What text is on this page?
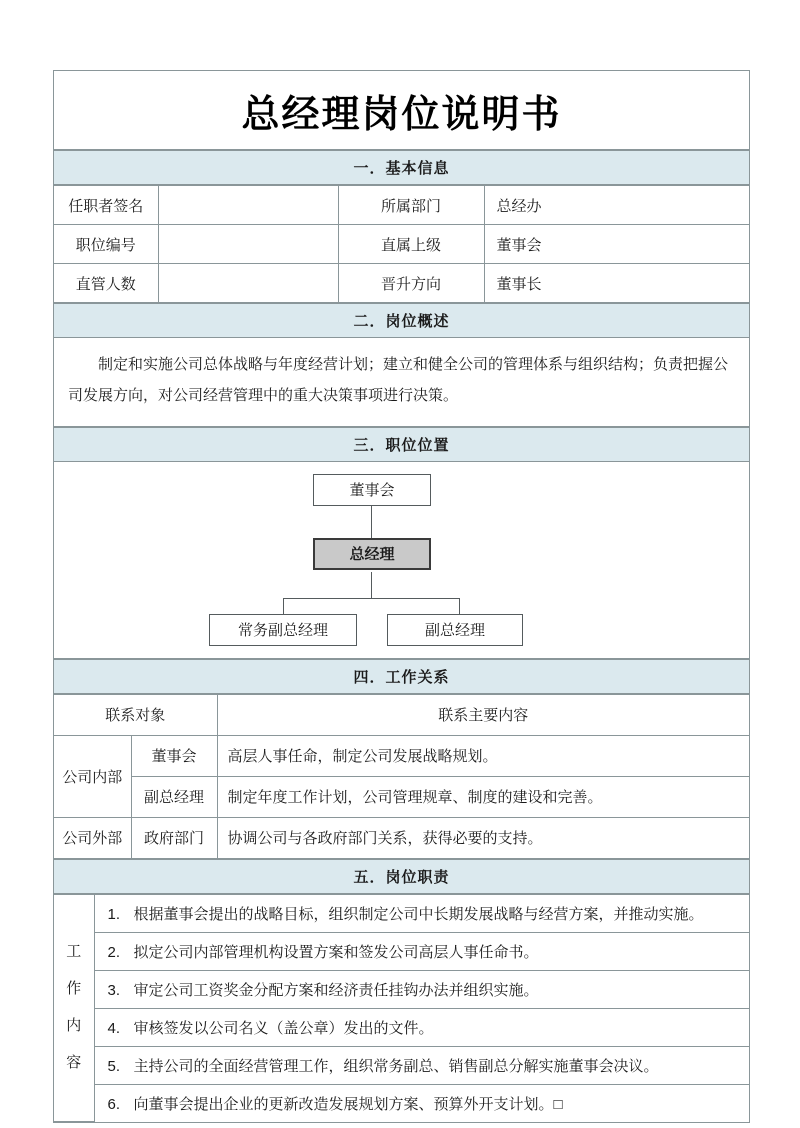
总经理岗位说明书
一．基本信息
任职者签名		所属部门	总经办
职位编号		直属上级	董事会
直管人数		晋升方向	董事长
二．岗位概述
制定和实施公司总体战略与年度经营计划；建立和健全公司的管理体系与组织结构；负责把握公司发展方向，对公司经营管理中的重大决策事项进行决策。
三．职位位置
董事会
总经理
常务副总经理	副总经理
四．工作关系
联系对象		联系主要内容
公司内部	董事会	高层人事任命，制定公司发展战略规划。
	副总经理	制定年度工作计划，公司管理规章、制度的建设和完善。
公司外部	政府部门	协调公司与各政府部门关系，获得必要的支持。
五．岗位职责
工
作
内
容

1. 根据董事会提出的战略目标，组织制定公司中长期发展战略与经营方案，并推动实施。

2. 拟定公司内部管理机构设置方案和签发公司高层人事任命书。

3. 审定公司工资奖金分配方案和经济责任挂钩办法并组织实施。

4. 审核签发以公司名义（盖公章）发出的文件。

5. 主持公司的全面经营管理工作，组织常务副总、销售副总分解实施董事会决议。

6. 向董事会提出企业的更新改造发展规划方案、预算外开支计划。□
